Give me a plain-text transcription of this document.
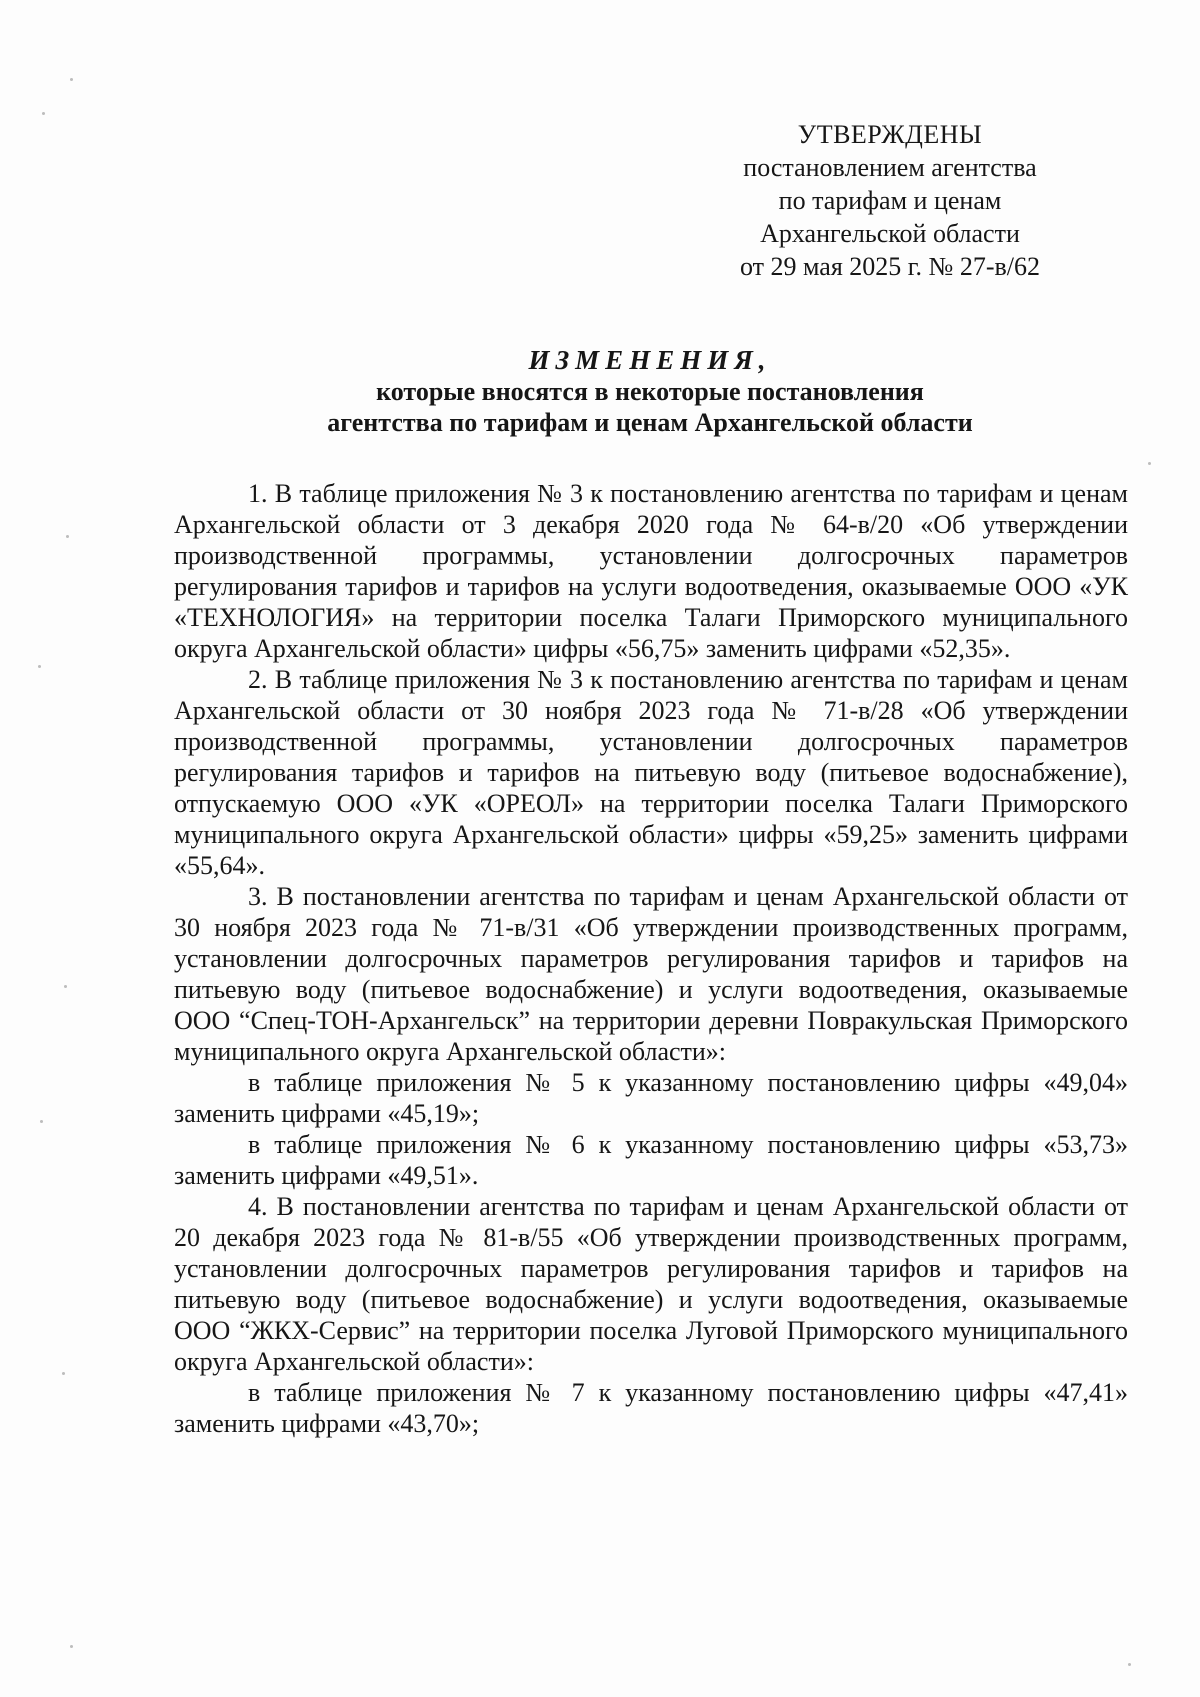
УТВЕРЖДЕНЫ
постановлением агентства
по тарифам и ценам
Архангельской области
от 29 мая 2025 г. № 27-в/62
ИЗМЕНЕНИЯ,
которые вносятся в некоторые постановления
агентства по тарифам и ценам Архангельской области

1. В таблице приложения № 3 к постановлению агентства по тарифам и ценам Архангельской области от 3 декабря 2020 года № 64-в/20 «Об утверждении производственной программы, установлении долгосрочных параметров регулирования тарифов и тарифов на услуги водоотведения, оказываемые ООО «УК «ТЕХНОЛОГИЯ» на территории поселка Талаги Приморского муниципального округа Архангельской области» цифры «56,75» заменить цифрами «52,35».

2. В таблице приложения № 3 к постановлению агентства по тарифам и ценам Архангельской области от 30 ноября 2023 года № 71-в/28 «Об утверждении производственной программы, установлении долгосрочных параметров регулирования тарифов и тарифов на питьевую воду (питьевое водоснабжение), отпускаемую ООО «УК «ОРЕОЛ» на территории поселка Талаги Приморского муниципального округа Архангельской области» цифры «59,25» заменить цифрами «55,64».

3. В постановлении агентства по тарифам и ценам Архангельской области от 30 ноября 2023 года № 71-в/31 «Об утверждении производственных программ, установлении долгосрочных параметров регулирования тарифов и тарифов на питьевую воду (питьевое водоснабжение) и услуги водоотведения, оказываемые ООО “Спец-ТОН-Архангельск” на территории деревни Повракульская Приморского муниципального округа Архангельской области»:

в таблице приложения № 5 к указанному постановлению цифры «49,04» заменить цифрами «45,19»;

в таблице приложения № 6 к указанному постановлению цифры «53,73» заменить цифрами «49,51».

4. В постановлении агентства по тарифам и ценам Архангельской области от 20 декабря 2023 года № 81-в/55 «Об утверждении производственных программ, установлении долгосрочных параметров регулирования тарифов и тарифов на питьевую воду (питьевое водоснабжение) и услуги водоотведения, оказываемые ООО “ЖКХ-Сервис” на территории поселка Луговой Приморского муниципального округа Архангельской области»:

в таблице приложения № 7 к указанному постановлению цифры «47,41» заменить цифрами «43,70»;
